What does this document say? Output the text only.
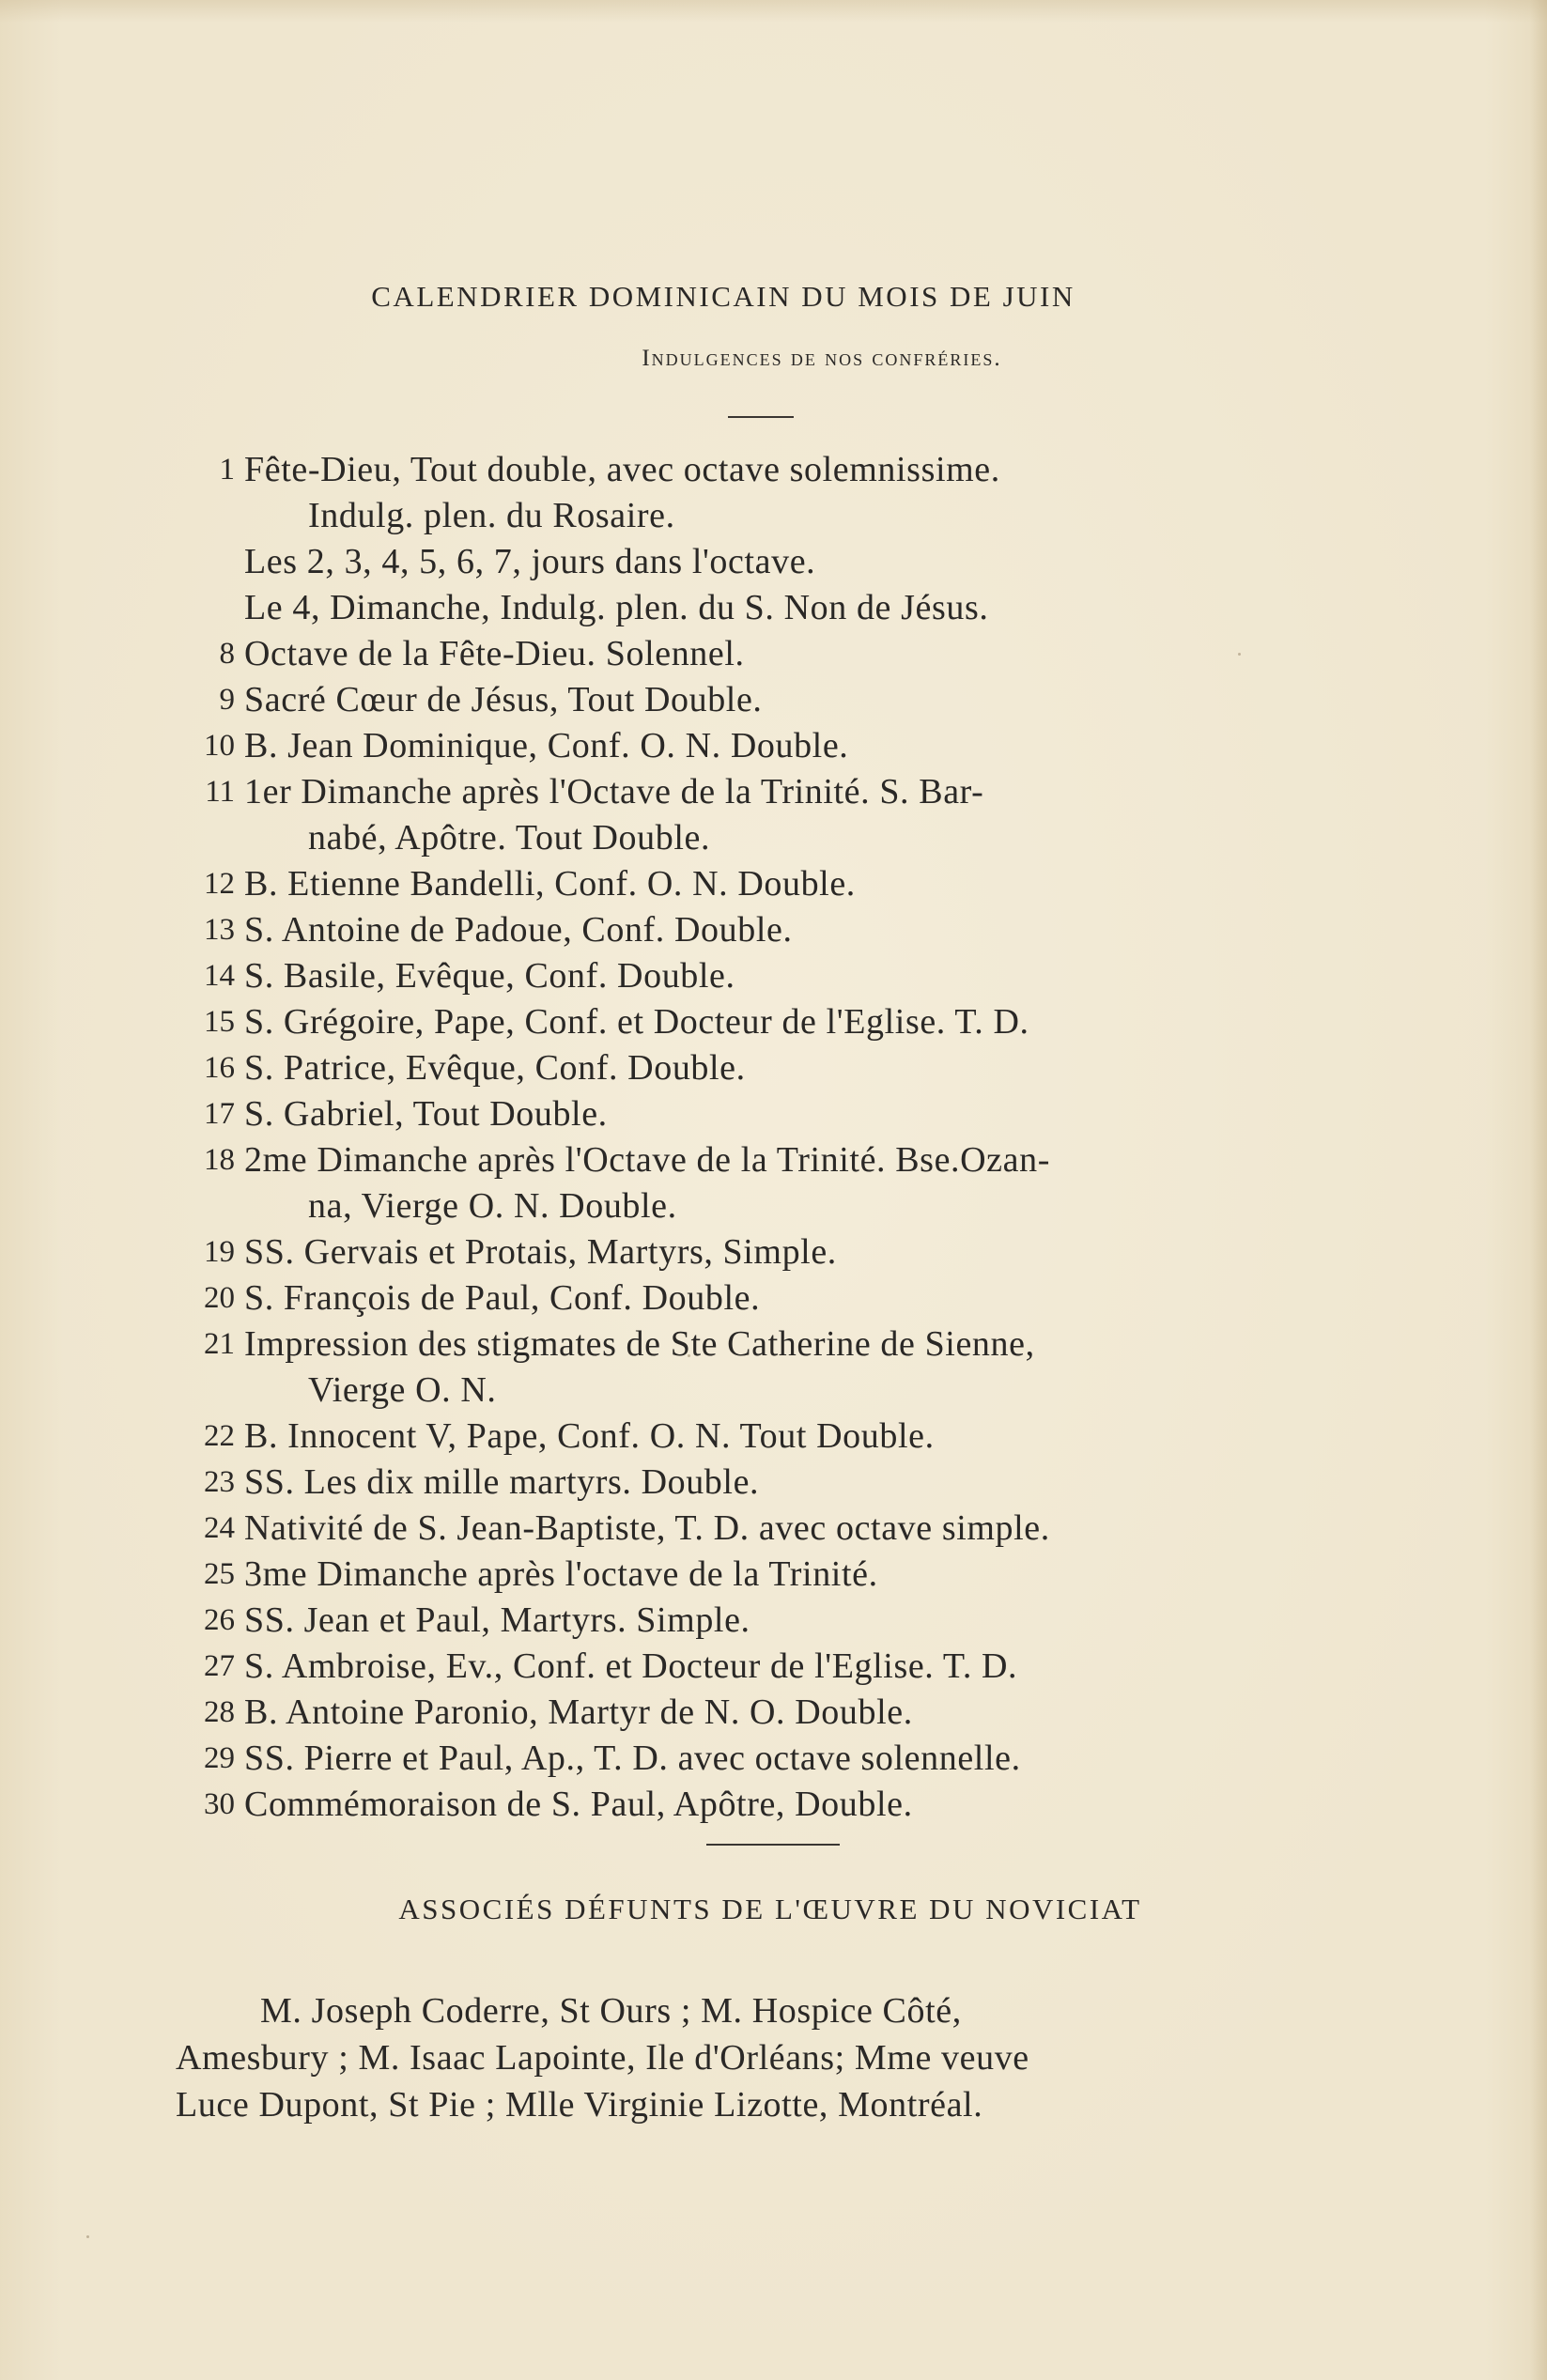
CALENDRIER DOMINICAIN DU MOIS DE JUIN
Indulgences de nos confréries.
1 Fête-Dieu, Tout double, avec octave solemnissime.
Indulg. plen. du Rosaire.
Les 2, 3, 4, 5, 6, 7, jours dans l'octave.
Le 4, Dimanche, Indulg. plen. du S. Non de Jésus.
8 Octave de la Fête-Dieu. Solennel.
9 Sacré Cœur de Jésus, Tout Double.
10 B. Jean Dominique, Conf. O. N. Double.
11 1er Dimanche après l'Octave de la Trinité. S. Bar-
nabé, Apôtre. Tout Double.
12 B. Etienne Bandelli, Conf. O. N. Double.
13 S. Antoine de Padoue, Conf. Double.
14 S. Basile, Evêque, Conf. Double.
15 S. Grégoire, Pape, Conf. et Docteur de l'Eglise. T. D.
16 S. Patrice, Evêque, Conf. Double.
17 S. Gabriel, Tout Double.
18 2me Dimanche après l'Octave de la Trinité. Bse.Ozan-
na, Vierge O. N. Double.
19 SS. Gervais et Protais, Martyrs, Simple.
20 S. François de Paul, Conf. Double.
21 Impression des stigmates de Ste Catherine de Sienne,
Vierge O. N.
22 B. Innocent V, Pape, Conf. O. N. Tout Double.
23 SS. Les dix mille martyrs. Double.
24 Nativité de S. Jean-Baptiste, T. D. avec octave simple.
25 3me Dimanche après l'octave de la Trinité.
26 SS. Jean et Paul, Martyrs. Simple.
27 S. Ambroise, Ev., Conf. et Docteur de l'Eglise. T. D.
28 B. Antoine Paronio, Martyr de N. O. Double.
29 SS. Pierre et Paul, Ap., T. D. avec octave solennelle.
30 Commémoraison de S. Paul, Apôtre, Double.
ASSOCIÉS DÉFUNTS DE L'ŒUVRE DU NOVICIAT
M. Joseph Coderre, St Ours ; M. Hospice Côté,
Amesbury ; M. Isaac Lapointe, Ile d'Orléans; Mme veuve
Luce Dupont, St Pie ; Mlle Virginie Lizotte, Montréal.
